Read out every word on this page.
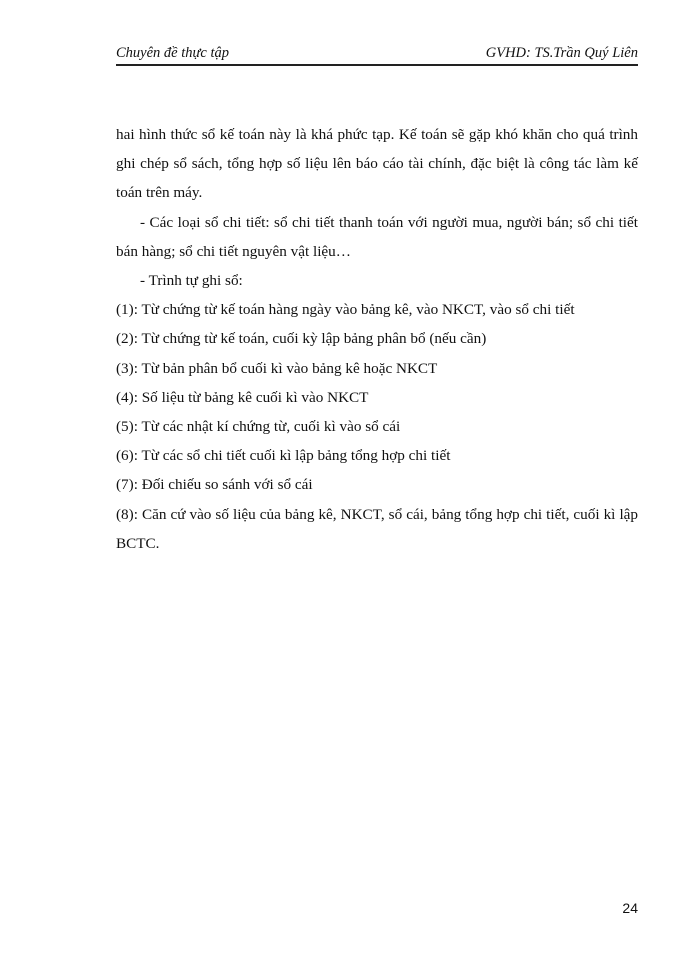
Chuyên đề thực tập	GVHD: TS.Trần Quý Liên

hai hình thức sổ kế toán này là khá phức tạp. Kế toán sẽ gặp khó khăn cho quá trình ghi chép sổ sách, tổng hợp số liệu lên báo cáo tài chính, đặc biệt là công tác làm kế toán trên máy.

- Các loại sổ chi tiết: sổ chi tiết thanh toán với người mua, người bán; sổ chi tiết bán hàng; sổ chi tiết nguyên vật liệu…

- Trình tự ghi sổ:

(1): Từ chứng từ kế toán hàng ngày vào bảng kê, vào NKCT, vào sổ chi tiết

(2): Từ chứng từ kế toán, cuối kỳ lập bảng phân bổ (nếu cần)

(3): Từ bản phân bổ cuối kì vào bảng kê hoặc NKCT

(4): Số liệu từ bảng kê cuối kì vào NKCT

(5): Từ các nhật kí chứng từ, cuối kì vào sổ cái

(6): Từ các sổ chi tiết cuối kì lập bảng tổng hợp chi tiết

(7): Đối chiếu so sánh với sổ cái

(8): Căn cứ vào số liệu của bảng kê, NKCT, sổ cái, bảng tổng hợp chi tiết, cuối kì lập BCTC.

24
